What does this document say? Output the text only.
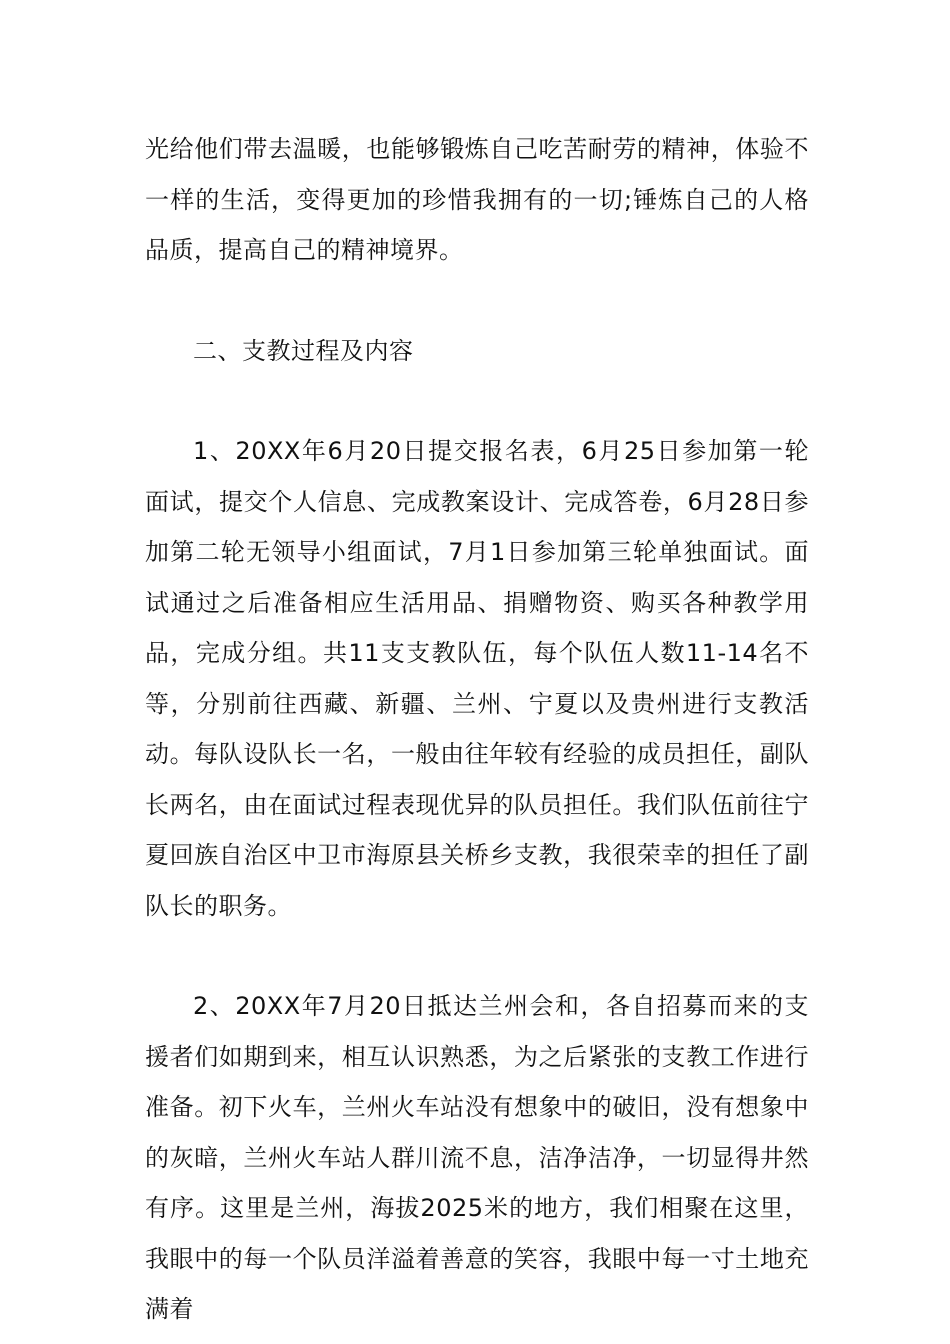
光给他们带去温暖，也能够锻炼自己吃苦耐劳的精神，体验不一样的生活，变得更加的珍惜我拥有的一切;锤炼自己的人格品质，提高自己的精神境界。

二、支教过程及内容

1、20XX年6月20日提交报名表，6月25日参加第一轮面试，提交个人信息、完成教案设计、完成答卷，6月28日参加第二轮无领导小组面试，7月1日参加第三轮单独面试。面试通过之后准备相应生活用品、捐赠物资、购买各种教学用品，完成分组。共11支支教队伍，每个队伍人数11-14名不等，分别前往西藏、新疆、兰州、宁夏以及贵州进行支教活动。每队设队长一名，一般由往年较有经验的成员担任，副队长两名，由在面试过程表现优异的队员担任。我们队伍前往宁夏回族自治区中卫市海原县关桥乡支教，我很荣幸的担任了副队长的职务。

2、20XX年7月20日抵达兰州会和，各自招募而来的支援者们如期到来，相互认识熟悉，为之后紧张的支教工作进行准备。初下火车，兰州火车站没有想象中的破旧，没有想象中的灰暗，兰州火车站人群川流不息，洁净洁净，一切显得井然有序。这里是兰州，海拔2025米的地方，我们相聚在这里，我眼中的每一个队员洋溢着善意的笑容，我眼中每一寸土地充满着
